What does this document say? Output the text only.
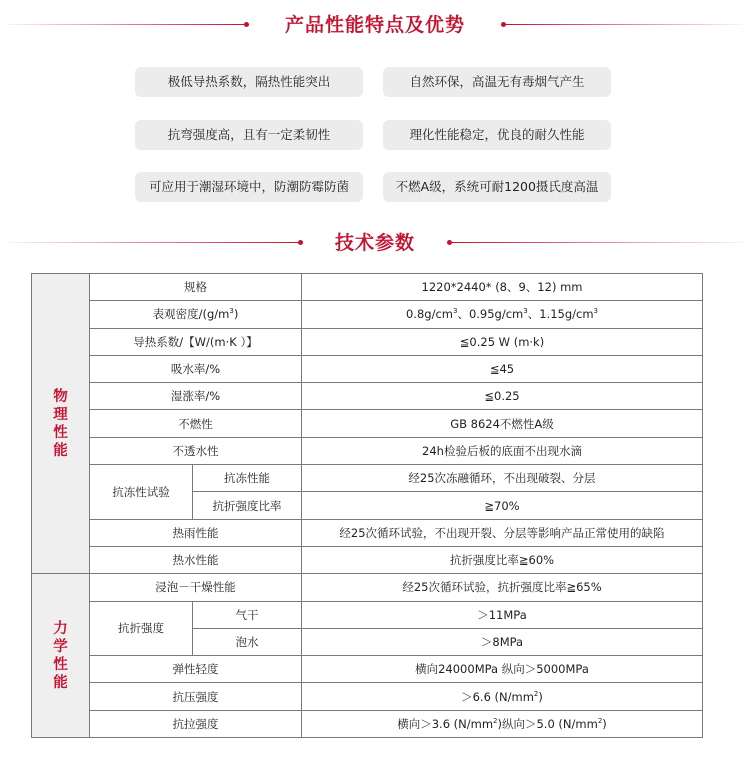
产品性能特点及优势
极低导热系数，隔热性能突出	自然环保，高温无有毒烟气产生
抗弯强度高，且有一定柔韧性	理化性能稳定，优良的耐久性能
可应用于潮湿环境中，防潮防霉防菌	不燃A级，系统可耐1200摄氏度高温
技术参数
物理性能	规格		1220*2440* (8、9、12) mm
	表观密度$/(g/m^3)$		$0.8g/cm^3$、$0.95g/cm^3$、$1.15g/cm^3$
	导热系数/【W/(m·K ）】		≦0.25 W (m·k)
	吸水率/%		≦45
	湿涨率/%		≦0.25
	不燃性		GB 8624不燃性A级
	不透水性		24h检验后板的底面不出现水滴
	抗冻性试验	抗冻性能	经25次冻融循环，不出现破裂、分层
		抗折强度比率	≧70%
	热雨性能		经25次循环试验，不出现开裂、分层等影响产品正常使用的缺陷
	热水性能		抗折强度比率≧60%
力学性能	浸泡－干燥性能		经25次循环试验，抗折强度比率≧65%
	抗折强度	气干	＞11MPa
		泡水	＞8MPa
	弹性轻度		横向24000MPa 纵向＞5000MPa
	抗压强度		＞6.6 $(N/mm^2)$
	抗拉强度		横向＞3.6 $(N/mm^2)$纵向＞5.0 $(N/mm^2)$
